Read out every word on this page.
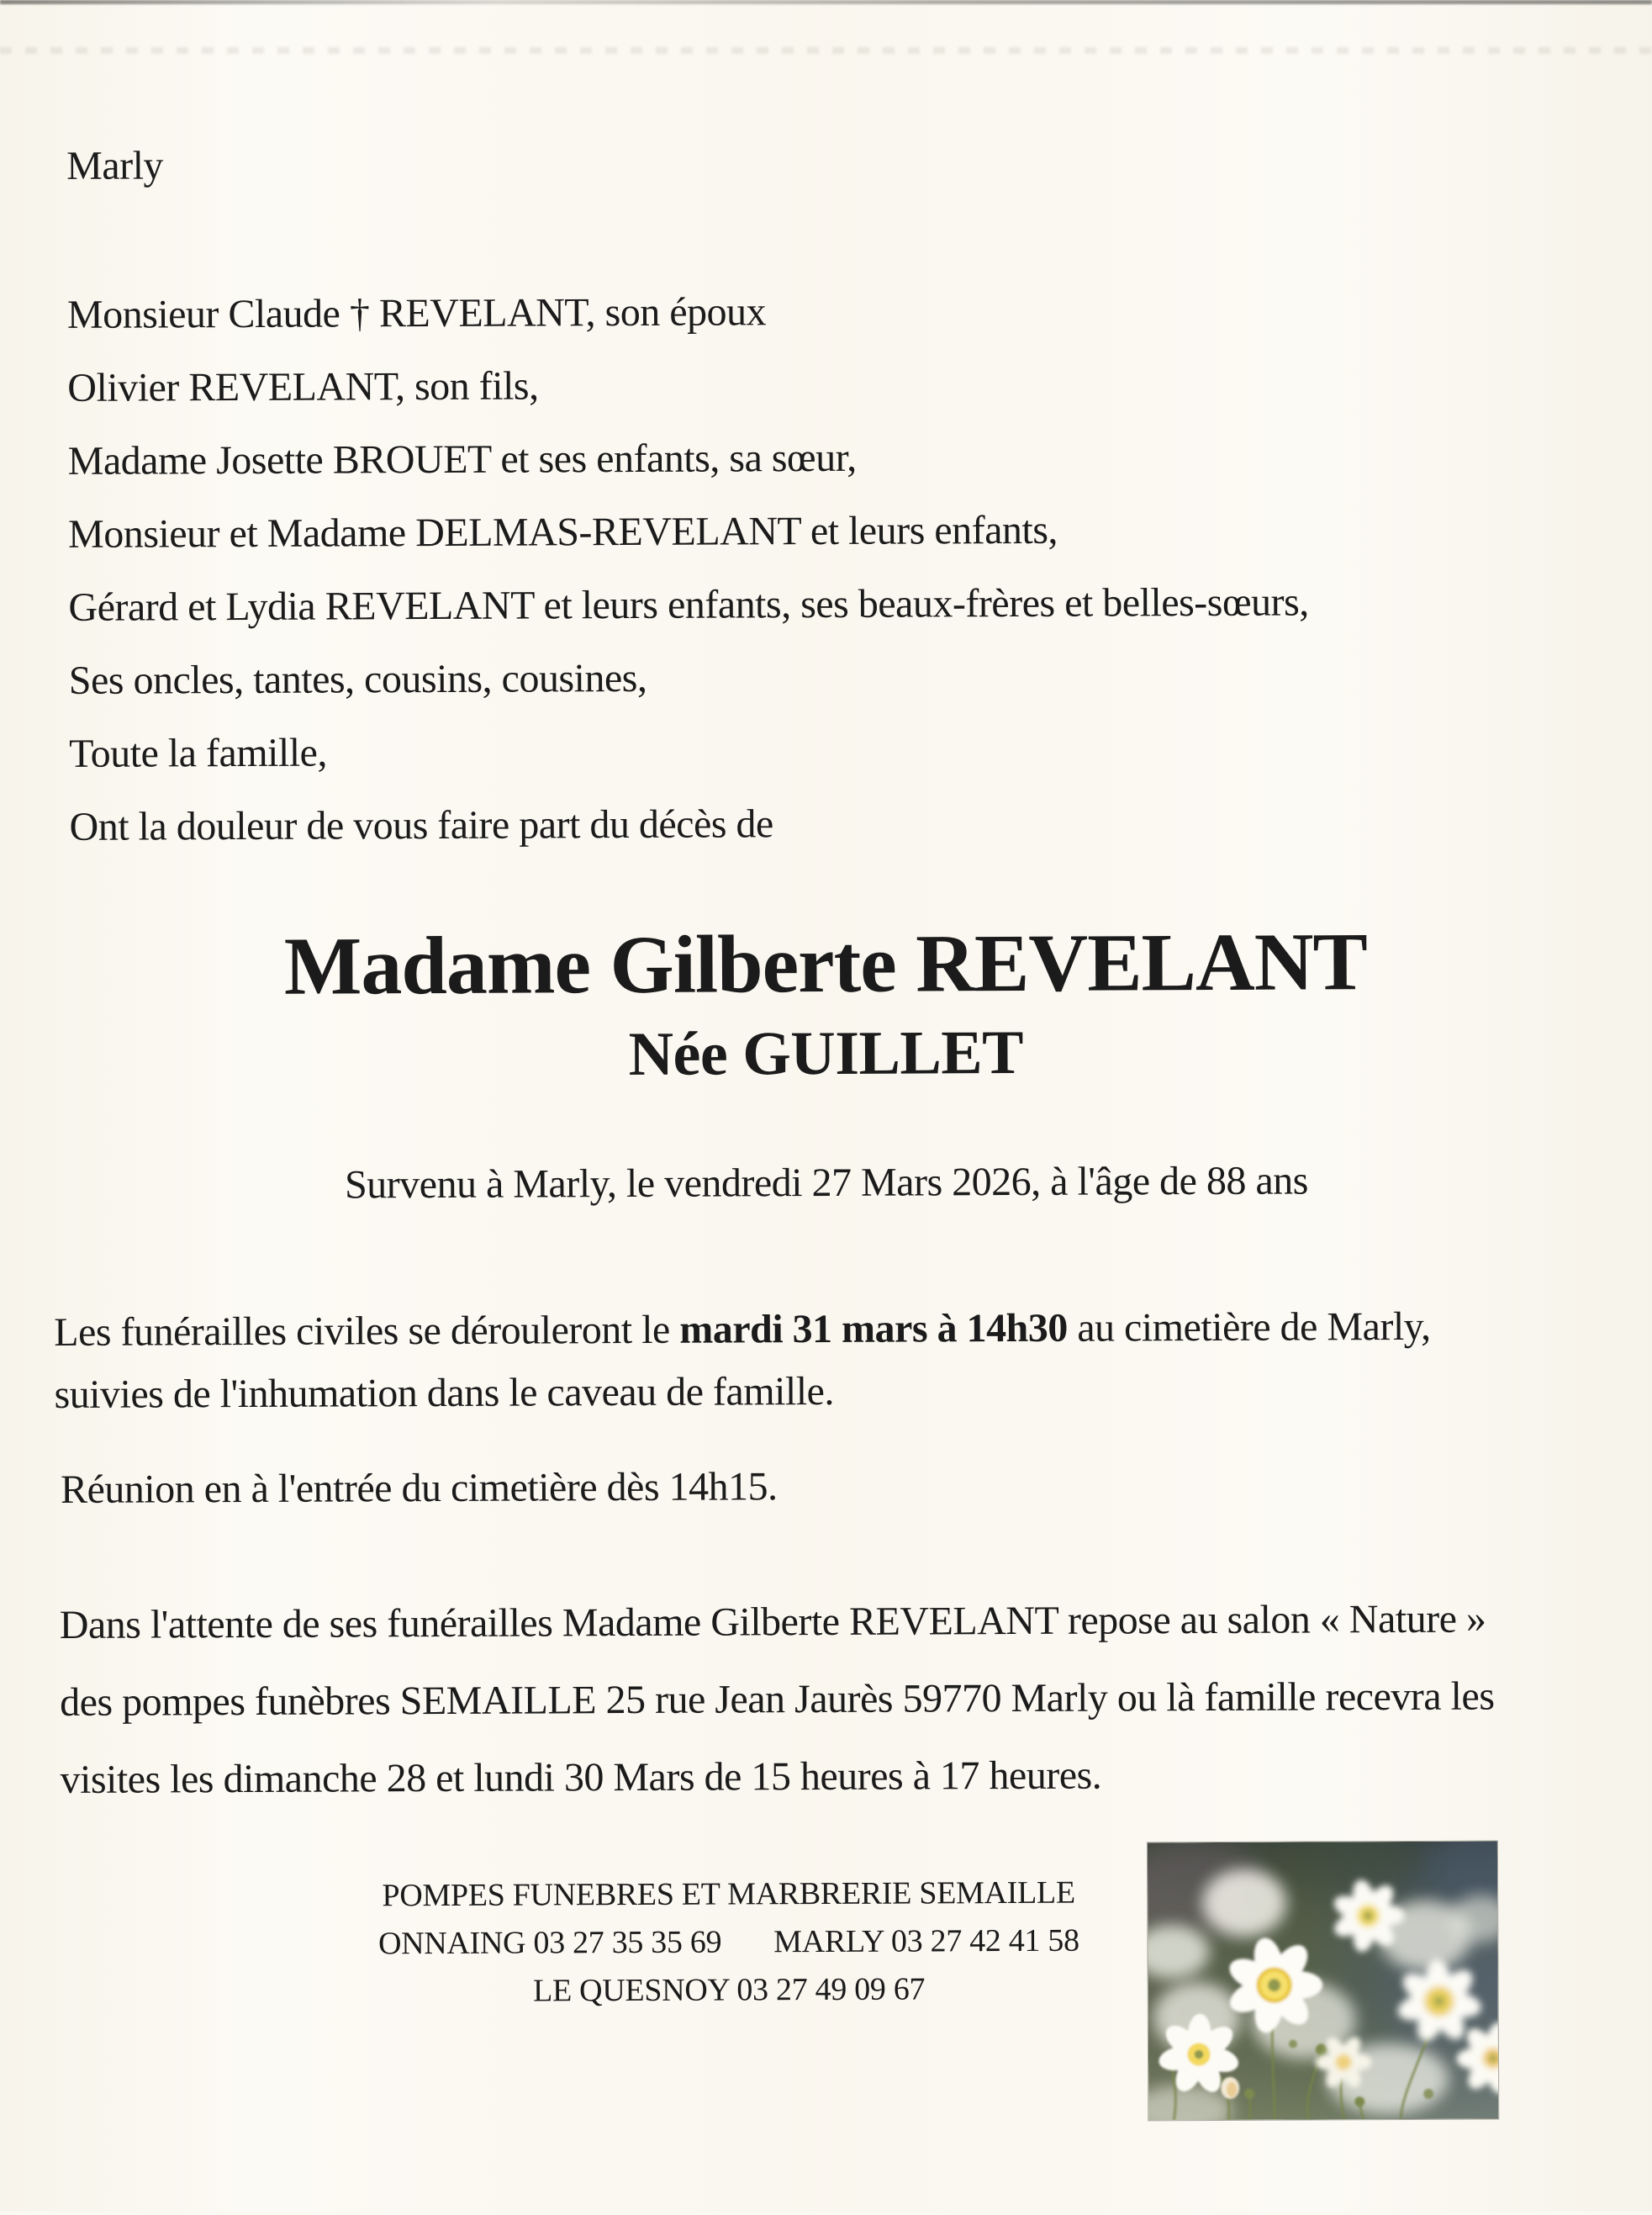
Marly

Monsieur Claude † REVELANT, son époux

Olivier REVELANT, son fils,

Madame Josette BROUET et ses enfants, sa sœur,

Monsieur et Madame DELMAS-REVELANT et leurs enfants,

Gérard et Lydia REVELANT et leurs enfants, ses beaux-frères et belles-sœurs,

Ses oncles, tantes, cousins, cousines,

Toute la famille,

Ont la douleur de vous faire part du décès de

Madame Gilberte REVELANT
Née GUILLET

Survenu à Marly, le vendredi 27 Mars 2026, à l'âge de 88 ans

Les funérailles civiles se dérouleront le mardi 31 mars à 14h30 au cimetière de Marly,

suivies de l'inhumation dans le caveau de famille.

Réunion en à l'entrée du cimetière dès 14h15.

Dans l'attente de ses funérailles Madame Gilberte REVELANT repose au salon « Nature »

des pompes funèbres SEMAILLE 25 rue Jean Jaurès 59770 Marly ou là famille recevra les

visites les dimanche 28 et lundi 30 Mars de 15 heures à 17 heures.

POMPES FUNEBRES ET MARBRERIE SEMAILLE

ONNAING 03 27 35 35 69 MARLY 03 27 42 41 58

LE QUESNOY 03 27 49 09 67
